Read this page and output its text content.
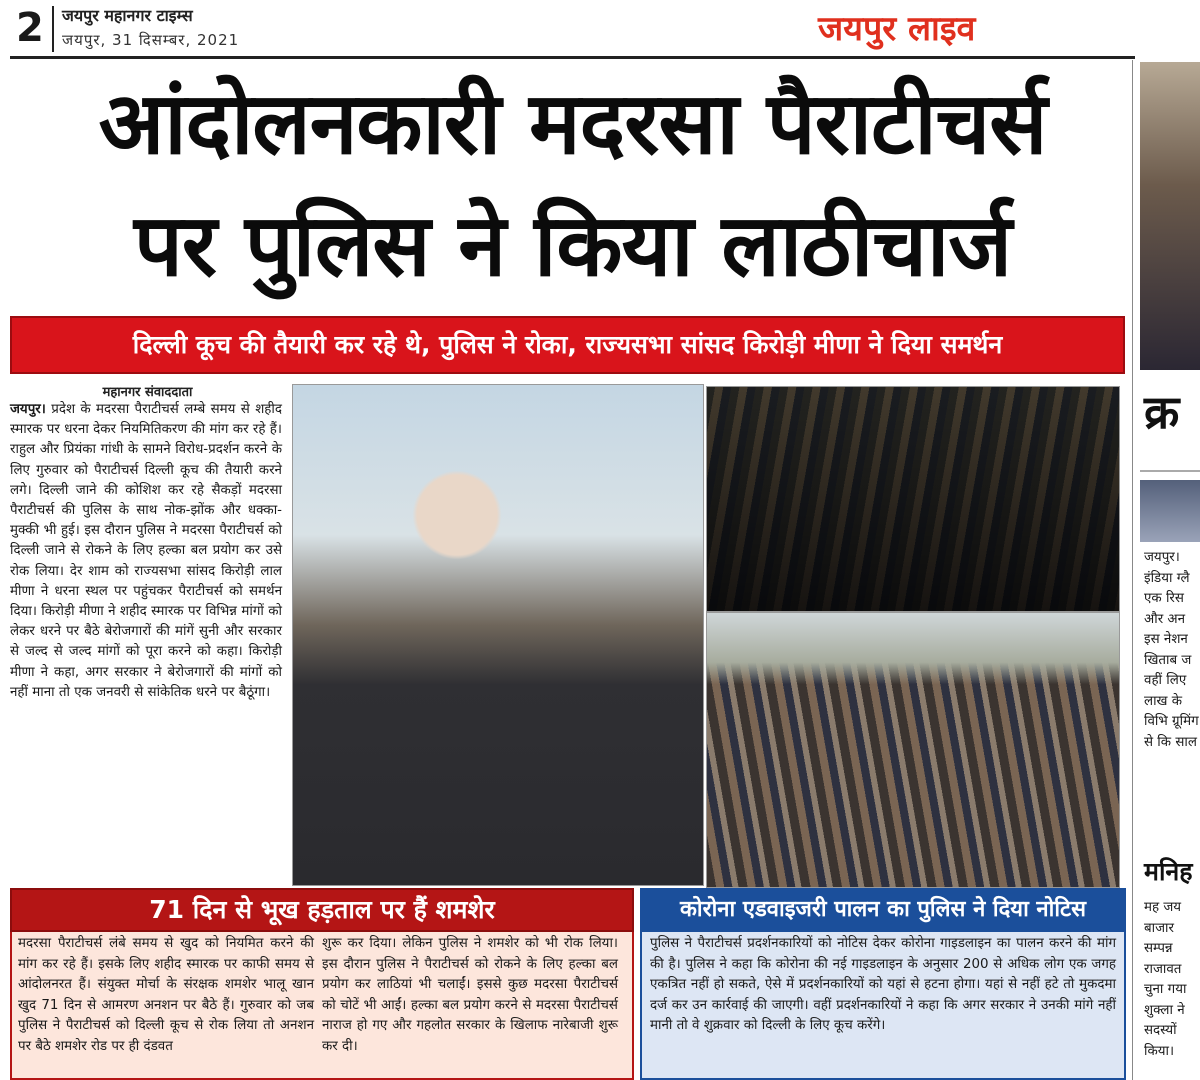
2 जयपुर महानगर टाइम्स
जयपुर, 31 दिसम्बर, 2021	जयपुर लाइव
आंदोलनकारी मदरसा पैराटीचर्स
पर पुलिस ने किया लाठीचार्ज
दिल्ली कूच की तैयारी कर रहे थे, पुलिस ने रोका, राज्यसभा सांसद किरोड़ी मीणा ने दिया समर्थन
महानगर संवाददाता
जयपुर। प्रदेश के मदरसा पैराटीचर्स लम्बे समय से शहीद स्मारक पर धरना देकर नियमितिकरण की मांग कर रहे हैं। राहुल और प्रियंका गांधी के सामने विरोध-प्रदर्शन करने के लिए गुरुवार को पैराटीचर्स दिल्ली कूच की तैयारी करने लगे। दिल्ली जाने की कोशिश कर रहे सैकड़ों मदरसा पैराटीचर्स की पुलिस के साथ नोक-झोंक और धक्का-मुक्की भी हुई। इस दौरान पुलिस ने मदरसा पैराटीचर्स को दिल्ली जाने से रोकने के लिए हल्का बल प्रयोग कर उसे रोक लिया। देर शाम को राज्यसभा सांसद किरोड़ी लाल मीणा ने धरना स्थल पर पहुंचकर पैराटीचर्स को समर्थन दिया। किरोड़ी मीणा ने शहीद स्मारक पर विभिन्न मांगों को लेकर धरने पर बैठे बेरोजगारों की मांगें सुनी और सरकार से जल्द से जल्द मांगों को पूरा करने को कहा। किरोड़ी मीणा ने कहा, अगर सरकार ने बेरोजगारों की मांगों को नहीं माना तो एक जनवरी से सांकेतिक धरने पर बैठूंगा।
क्र
जयपुर। इंडिया ग्लै एक रिस और अन इस नेशन खिताब ज वहीं लिए लाख के विभि ग्रूमिंग से कि साल
मनिह
मह जय बाजार सम्पन्न राजावत चुना गया शुक्ला ने सदस्यों किया।
71 दिन से भूख हड़ताल पर हैं शमशेर
मदरसा पैराटीचर्स लंबे समय से खुद को नियमित करने की मांग कर रहे हैं। इसके लिए शहीद स्मारक पर काफी समय से आंदोलनरत हैं। संयुक्त मोर्चा के संरक्षक शमशेर भालू खान खुद 71 दिन से आमरण अनशन पर बैठे हैं। गुरुवार को जब पुलिस ने पैराटीचर्स को दिल्ली कूच से रोक लिया तो अनशन पर बैठे शमशेर रोड पर ही दंडवत
शुरू कर दिया। लेकिन पुलिस ने शमशेर को भी रोक लिया। इस दौरान पुलिस ने पैराटीचर्स को रोकने के लिए हल्का बल प्रयोग कर लाठियां भी चलाईं। इससे कुछ मदरसा पैराटीचर्स को चोटें भी आईं। हल्का बल प्रयोग करने से मदरसा पैराटीचर्स नाराज हो गए और गहलोत सरकार के खिलाफ नारेबाजी शुरू कर दी।
कोरोना एडवाइजरी पालन का पुलिस ने दिया नोटिस
पुलिस ने पैराटीचर्स प्रदर्शनकारियों को नोटिस देकर कोरोना गाइडलाइन का पालन करने की मांग की है। पुलिस ने कहा कि कोरोना की नई गाइडलाइन के अनुसार 200 से अधिक लोग एक जगह एकत्रित नहीं हो सकते, ऐसे में प्रदर्शनकारियों को यहां से हटना होगा। यहां से नहीं हटे तो मुकदमा दर्ज कर उन कार्रवाई की जाएगी। वहीं प्रदर्शनकारियों ने कहा कि अगर सरकार ने उनकी मांगे नहीं मानी तो वे शुक्रवार को दिल्ली के लिए कूच करेंगे।
